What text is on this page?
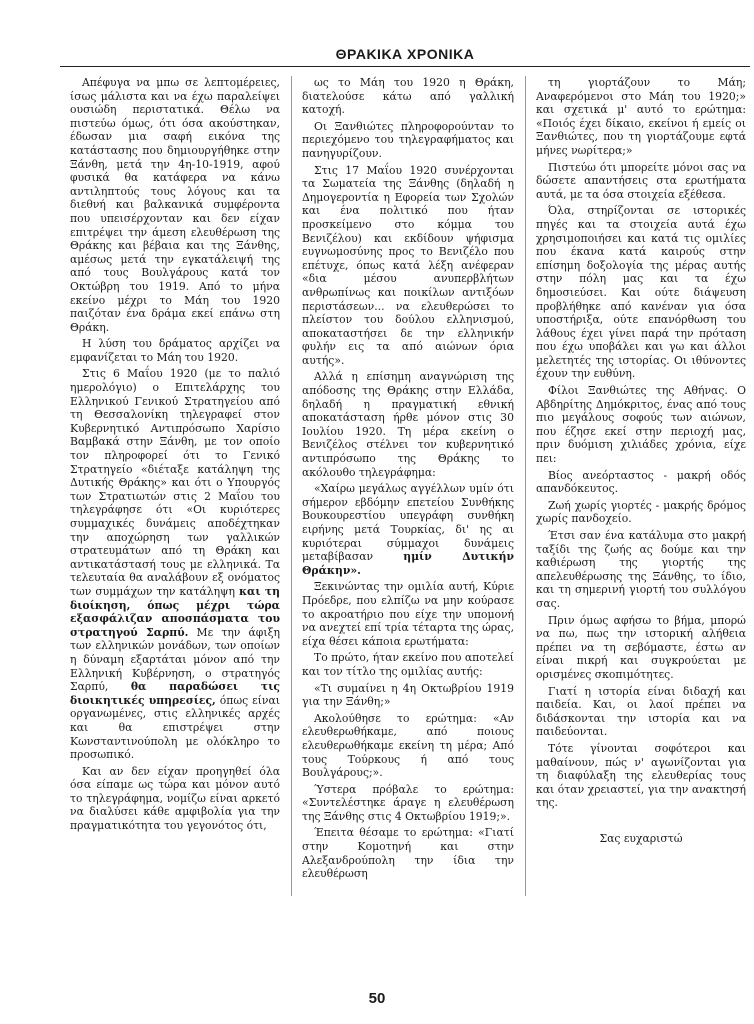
ΘΡΑΚΙΚΑ ΧΡΟΝΙΚΑ

Απέφυγα να μπω σε λεπτομέρειες, ίσως μάλιστα και να έχω παραλείψει ουσιώδη περιστατικά. Θέλω να πιστεύω όμως, ότι όσα ακούστηκαν, έδωσαν μια σαφή εικόνα της κατάστασης που δημιουργήθηκε στην Ξάνθη, μετά την 4η-10-1919, αφού φυσικά θα κατάφερα να κάνω αντιληπτούς τους λόγους και τα διεθνή και βαλκανικά συμφέροντα που υπεισέρχονταν και δεν είχαν επιτρέψει την άμεση ελευθέρωση της Θράκης και βέβαια και της Ξάνθης, αμέσως μετά την εγκατάλειψή της από τους Βουλγάρους κατά τον Οκτώβρη του 1919. Από το μήνα εκείνο μέχρι το Μάη του 1920 παιζόταν ένα δράμα εκεί επάνω στη Θράκη.

Η λύση του δράματος αρχίζει να εμφανίζεται το Μάη του 1920.

Στις 6 Μαΐου 1920 (με το παλιό ημερολόγιο) ο Επιτελάρχης του Ελληνικού Γενικού Στρατηγείου από τη Θεσσαλονίκη τηλεγραφεί στον Κυβερνητικό Αντιπρόσωπο Χαρίσιο Βαμβακά στην Ξάνθη, με τον οποίο τον πληροφορεί ότι το Γενικό Στρατηγείο «διέταξε κατάληψη της Δυτικής Θράκης» και ότι ο Υπουργός των Στρατιωτών στις 2 Μαΐου του τηλεγράφησε ότι «Οι κυριότερες συμμαχικές δυνάμεις αποδέχτηκαν την αποχώρηση των γαλλικών στρατευμάτων από τη Θράκη και αντικατάστασή τους με ελληνικά. Τα τελευταία θα αναλάβουν εξ ονόματος των συμμάχων την κατάληψη και τη διοίκηση, όπως μέχρι τώρα εξασφάλιζαν αποσπάσματα του στρατηγού Σαρπύ. Με την άφιξη των ελληνικών μονάδων, των οποίων η δύναμη εξαρτάται μόνον από την Ελληνική Κυβέρνηση, ο στρατηγός Σαρπύ, θα παραδώσει τις διοικητικές υπηρεσίες, όπως είναι οργανωμένες, στις ελληνικές αρχές και θα επιστρέψει στην Κωνσταντινούπολη με ολόκληρο το προσωπικό.

Και αν δεν είχαν προηγηθεί όλα όσα είπαμε ως τώρα και μόνον αυτό το τηλεγράφημα, νομίζω είναι αρκετό να διαλύσει κάθε αμφιβολία για την πραγματικότητα του γεγονότος ότι,

ως το Μάη του 1920 η Θράκη, διατελούσε κάτω από γαλλική κατοχή.

Οι Ξανθιώτες πληροφορούνταν το περιεχόμενο του τηλεγραφήματος και πανηγυρίζουν.

Στις 17 Μαΐου 1920 συνέρχονται τα Σωματεία της Ξάνθης (δηλαδή η Δημογεροντία η Εφορεία των Σχολών και ένα πολιτικό που ήταν προσκείμενο στο κόμμα του Βενιζέλου) και εκδίδουν ψήφισμα ευγνωμοσύνης προς το Βενιζέλο που επέτυχε, όπως κατά λέξη ανέφεραν «δια μέσου ανυπερβλήτων ανθρωπίνως και ποικίλων αντιξόων περιστάσεων... να ελευθερώσει το πλείστον του δούλου ελληνισμού, αποκαταστήσει δε την ελληνικήν φυλήν εις τα από αιώνων όρια αυτής».

Αλλά η επίσημη αναγνώριση της απόδοσης της Θράκης στην Ελλάδα, δηλαδή η πραγματική εθνική αποκατάσταση ήρθε μόνον στις 30 Ιουλίου 1920. Τη μέρα εκείνη ο Βενιζέλος στέλνει τον κυβερνητικό αντιπρόσωπο της Θράκης το ακόλουθο τηλεγράφημα:

«Χαίρω μεγάλως αγγέλλων υμίν ότι σήμερον εβδόμην επετείου Συνθήκης Βουκουρεστίου υπεγράφη συνθήκη ειρήνης μετά Τουρκίας, δι' ης αι κυριότεραι σύμμαχοι δυνάμεις μεταβίβασαν ημίν Δυτικήν Θράκην».

Ξεκινώντας την ομιλία αυτή, Κύριε Πρόεδρε, που ελπίζω να μην κούρασε το ακροατήριο που είχε την υπομονή να ανεχτεί επί τρία τέταρτα της ώρας, είχα θέσει κάποια ερωτήματα:

Το πρώτο, ήταν εκείνο που αποτελεί και τον τίτλο της ομιλίας αυτής:

«Τι συμαίνει η 4η Οκτωβρίου 1919 για την Ξάνθη;»

Ακολούθησε το ερώτημα: «Αν ελευθερωθήκαμε, από ποιους ελευθερωθήκαμε εκείνη τη μέρα; Από τους Τούρκους ή από τους Βουλγάρους;».

Ύστερα πρόβαλε το ερώτημα: «Συντελέστηκε άραγε η ελευθέρωση της Ξάνθης στις 4 Οκτωβρίου 1919;».

Έπειτα θέσαμε το ερώτημα: «Γιατί στην Κομοτηνή και στην Αλεξανδρούπολη την ίδια την ελευθέρωση

τη γιορτάζουν το Μάη; Αναφερόμενοι στο Μάη του 1920;» και σχετικά μ' αυτό το ερώτημα: «Ποιός έχει δίκαιο, εκείνοι ή εμείς οι Ξανθιώτες, που τη γιορτάζουμε εφτά μήνες νωρίτερα;»

Πιστεύω ότι μπορείτε μόνοι σας να δώσετε απαντήσεις στα ερωτήματα αυτά, με τα όσα στοιχεία εξέθεσα.

Όλα, στηρίζονται σε ιστορικές πηγές και τα στοιχεία αυτά έχω χρησιμοποιήσει και κατά τις ομιλίες που έκανα κατά καιρούς στην επίσημη δοξολογία της μέρας αυτής στην πόλη μας και τα έχω δημοσιεύσει. Και ούτε διάψευση προβλήθηκε από κανέναν για όσα υποστήριξα, ούτε επανόρθωση του λάθους έχει γίνει παρά την πρόταση που έχω υποβάλει και γω και άλλοι μελετητές της ιστορίας. Οι ιθύνοντες έχουν την ευθύνη.

Φίλοι Ξανθιώτες της Αθήνας. Ο Αβδηρίτης Δημόκριτος, ένας από τους πιο μεγάλους σοφούς των αιώνων, που έζησε εκεί στην περιοχή μας, πριν δυόμιση χιλιάδες χρόνια, είχε πει:

Βίος ανεόρταστος - μακρή οδός απανδόκευτος.

Ζωή χωρίς γιορτές - μακρής δρόμος χωρίς πανδοχείο.

Έτσι σαν ένα κατάλυμα στο μακρή ταξίδι της ζωής ας δούμε και την καθιέρωση της γιορτής της απελευθέρωσης της Ξάνθης, το ίδιο, και τη σημερινή γιορτή του συλλόγου σας.

Πριν όμως αφήσω το βήμα, μπορώ να πω, πως την ιστορική αλήθεια πρέπει να τη σεβόμαστε, έστω αν είναι πικρή και συγκρούεται με ορισμένες σκοπιμότητες.

Γιατί η ιστορία είναι διδαχή και παιδεία. Και, οι λαοί πρέπει να διδάσκονται την ιστορία και να παιδεύονται.

Τότε γίνονται σοφότεροι και μαθαίνουν, πώς ν' αγωνίζονται για τη διαφύλαξη της ελευθερίας τους και όταν χρειαστεί, για την ανακτησή της.

Σας ευχαριστώ

50
